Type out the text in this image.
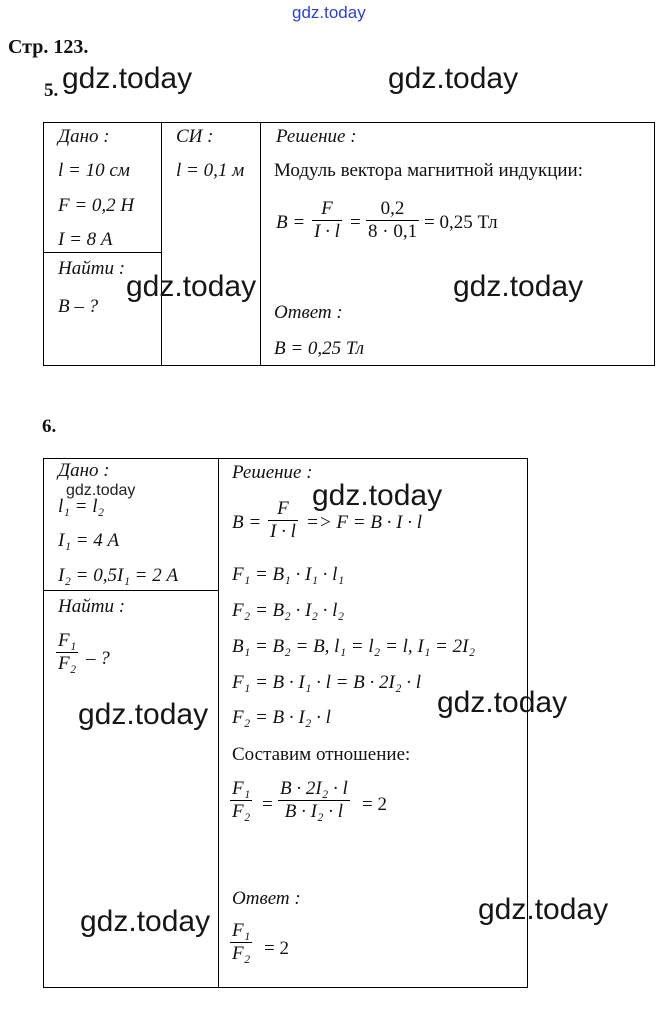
gdz.today
Стр. 123.
5.
Дано :
l = 10 см
F = 0,2 Н
I = 8 А
СИ :
l = 0,1 м
Найти :
B – ?
Решение :
Модуль вектора магнитной индукции:
B =
F
I · l =
0,2
8 · 0,1 = 0,25 Тл
Ответ :
B = 0,25 Тл
6.
Дано :
l₁ = l₂
I₁ = 4 А
I₂ = 0,5I₁ = 2 А
Найти :
F₁
F₂ – ?
Решение :
B =
F
I · l => F = B · I · l
F₁ = B₁ · I₁ · l₁
F₂ = B₂ · I₂ · l₂
B₁ = B₂ = B, l₁ = l₂ = l, I₁ = 2I₂
F₁ = B · I₁ · l = B · 2I₂ · l
F₂ = B · I₂ · l
Составим отношение:
F₁
F₂ =
B · 2I₂ · l
B · I₂ · l = 2
Ответ :
F₁
F₂ = 2
gdz.today	gdz.today
gdz.today	gdz.today
gdz.today	gdz.today
gdz.today	gdz.today
gdz.today	gdz.today
